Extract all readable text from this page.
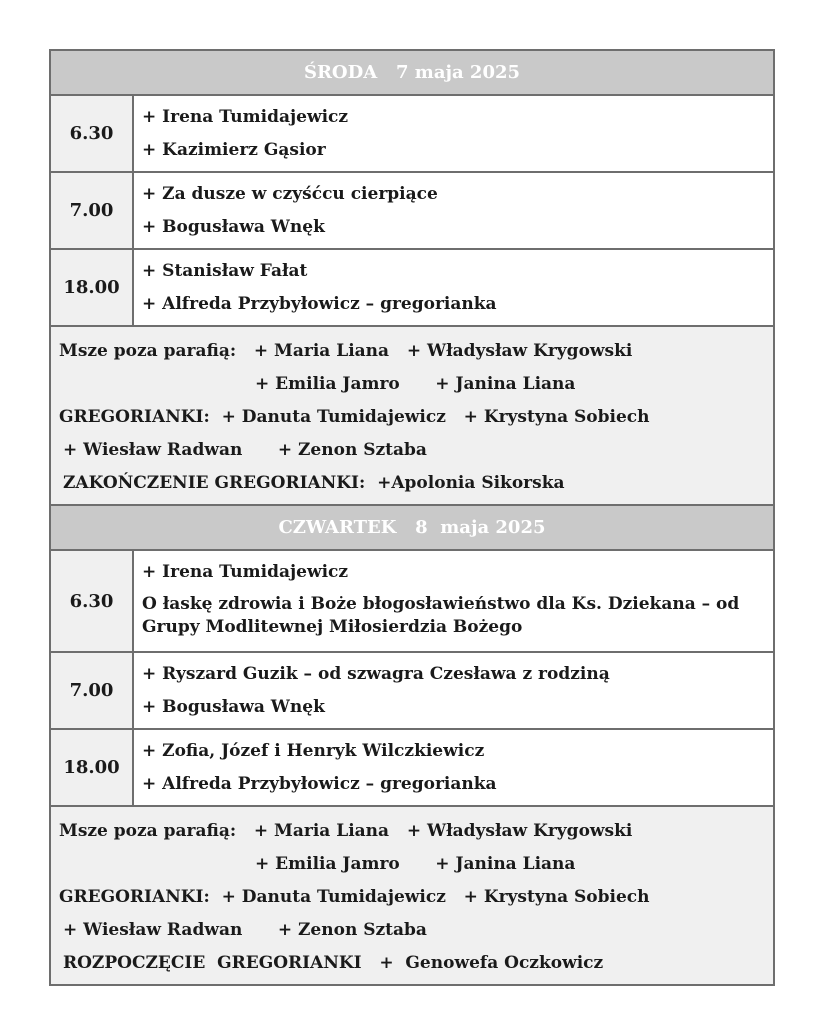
ŚRODA   7 maja 2025
6.30
+ Irena Tumidajewicz
+ Kazimierz Gąsior
7.00
+ Za dusze w czyśćcu cierpiące
+ Bogusława Wnęk
18.00
+ Stanisław Fałat
+ Alfreda Przybyłowicz – gregorianka
Msze poza parafią: + Maria Liana + Władysław Krygowski
+ Emilia Jamro + Janina Liana
GREGORIANKI: + Danuta Tumidajewicz + Krystyna Sobiech
+ Wiesław Radwan + Zenon Sztaba
ZAKOŃCZENIE GREGORIANKI:  +Apolonia Sikorska
CZWARTEK   8  maja 2025
6.30
+ Irena Tumidajewicz
O łaskę zdrowia i Boże błogosławieństwo dla Ks. Dziekana – od Grupy Modlitewnej Miłosierdzia Bożego
7.00
+ Ryszard Guzik – od szwagra Czesława z rodziną
+ Bogusława Wnęk
18.00
+ Zofia, Józef i Henryk Wilczkiewicz
+ Alfreda Przybyłowicz – gregorianka
Msze poza parafią: + Maria Liana + Władysław Krygowski
+ Emilia Jamro + Janina Liana
GREGORIANKI: + Danuta Tumidajewicz + Krystyna Sobiech
+ Wiesław Radwan + Zenon Sztaba
ROZPOCZĘCIE  GREGORIANKI   +  Genowefa Oczkowicz
